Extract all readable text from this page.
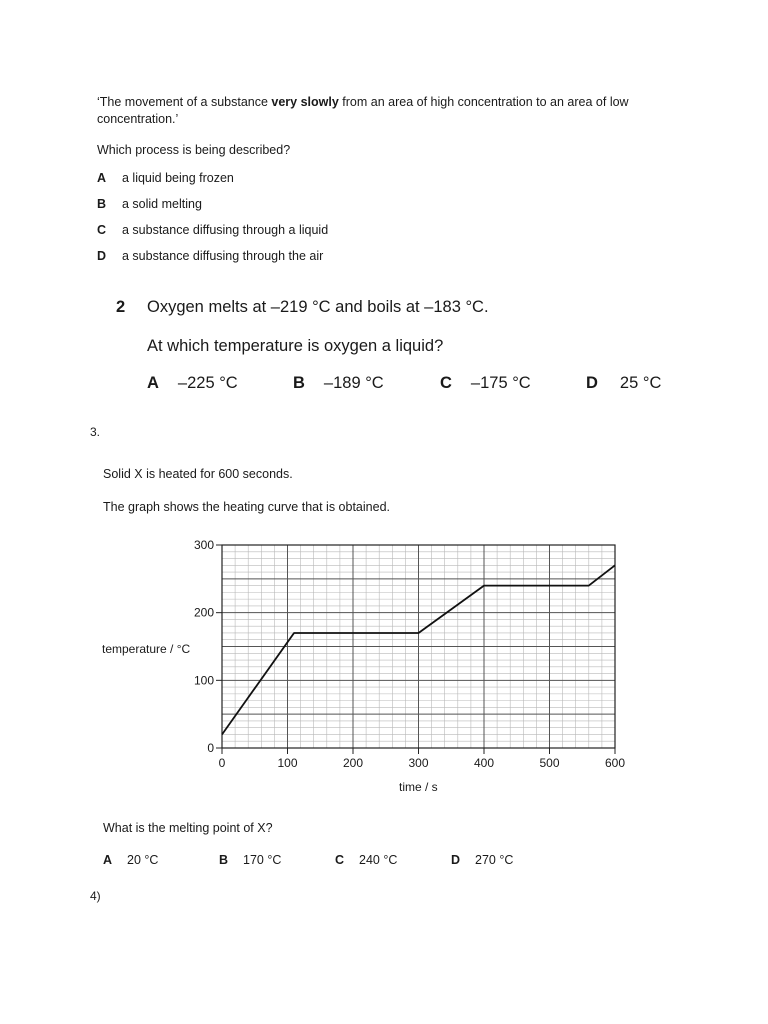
‘The movement of a substance very slowly from an area of high concentration to an area of low
concentration.’
Which process is being described?
A a liquid being frozen
B a solid melting
C a substance diffusing through a liquid
D a substance diffusing through the air
2 Oxygen melts at –219 °C and boils at –183 °C.
At which temperature is oxygen a liquid?
A –225 °C	B –189 °C	C –175 °C	D 25 °C
3.
Solid X is heated for 600 seconds.
The graph shows the heating curve that is obtained.
temperature / °C
time / s
0
100
200
300
0	100	200	300	400	500	600
What is the melting point of X?
A 20 °C	B 170 °C	C 240 °C	D 270 °C
4)
